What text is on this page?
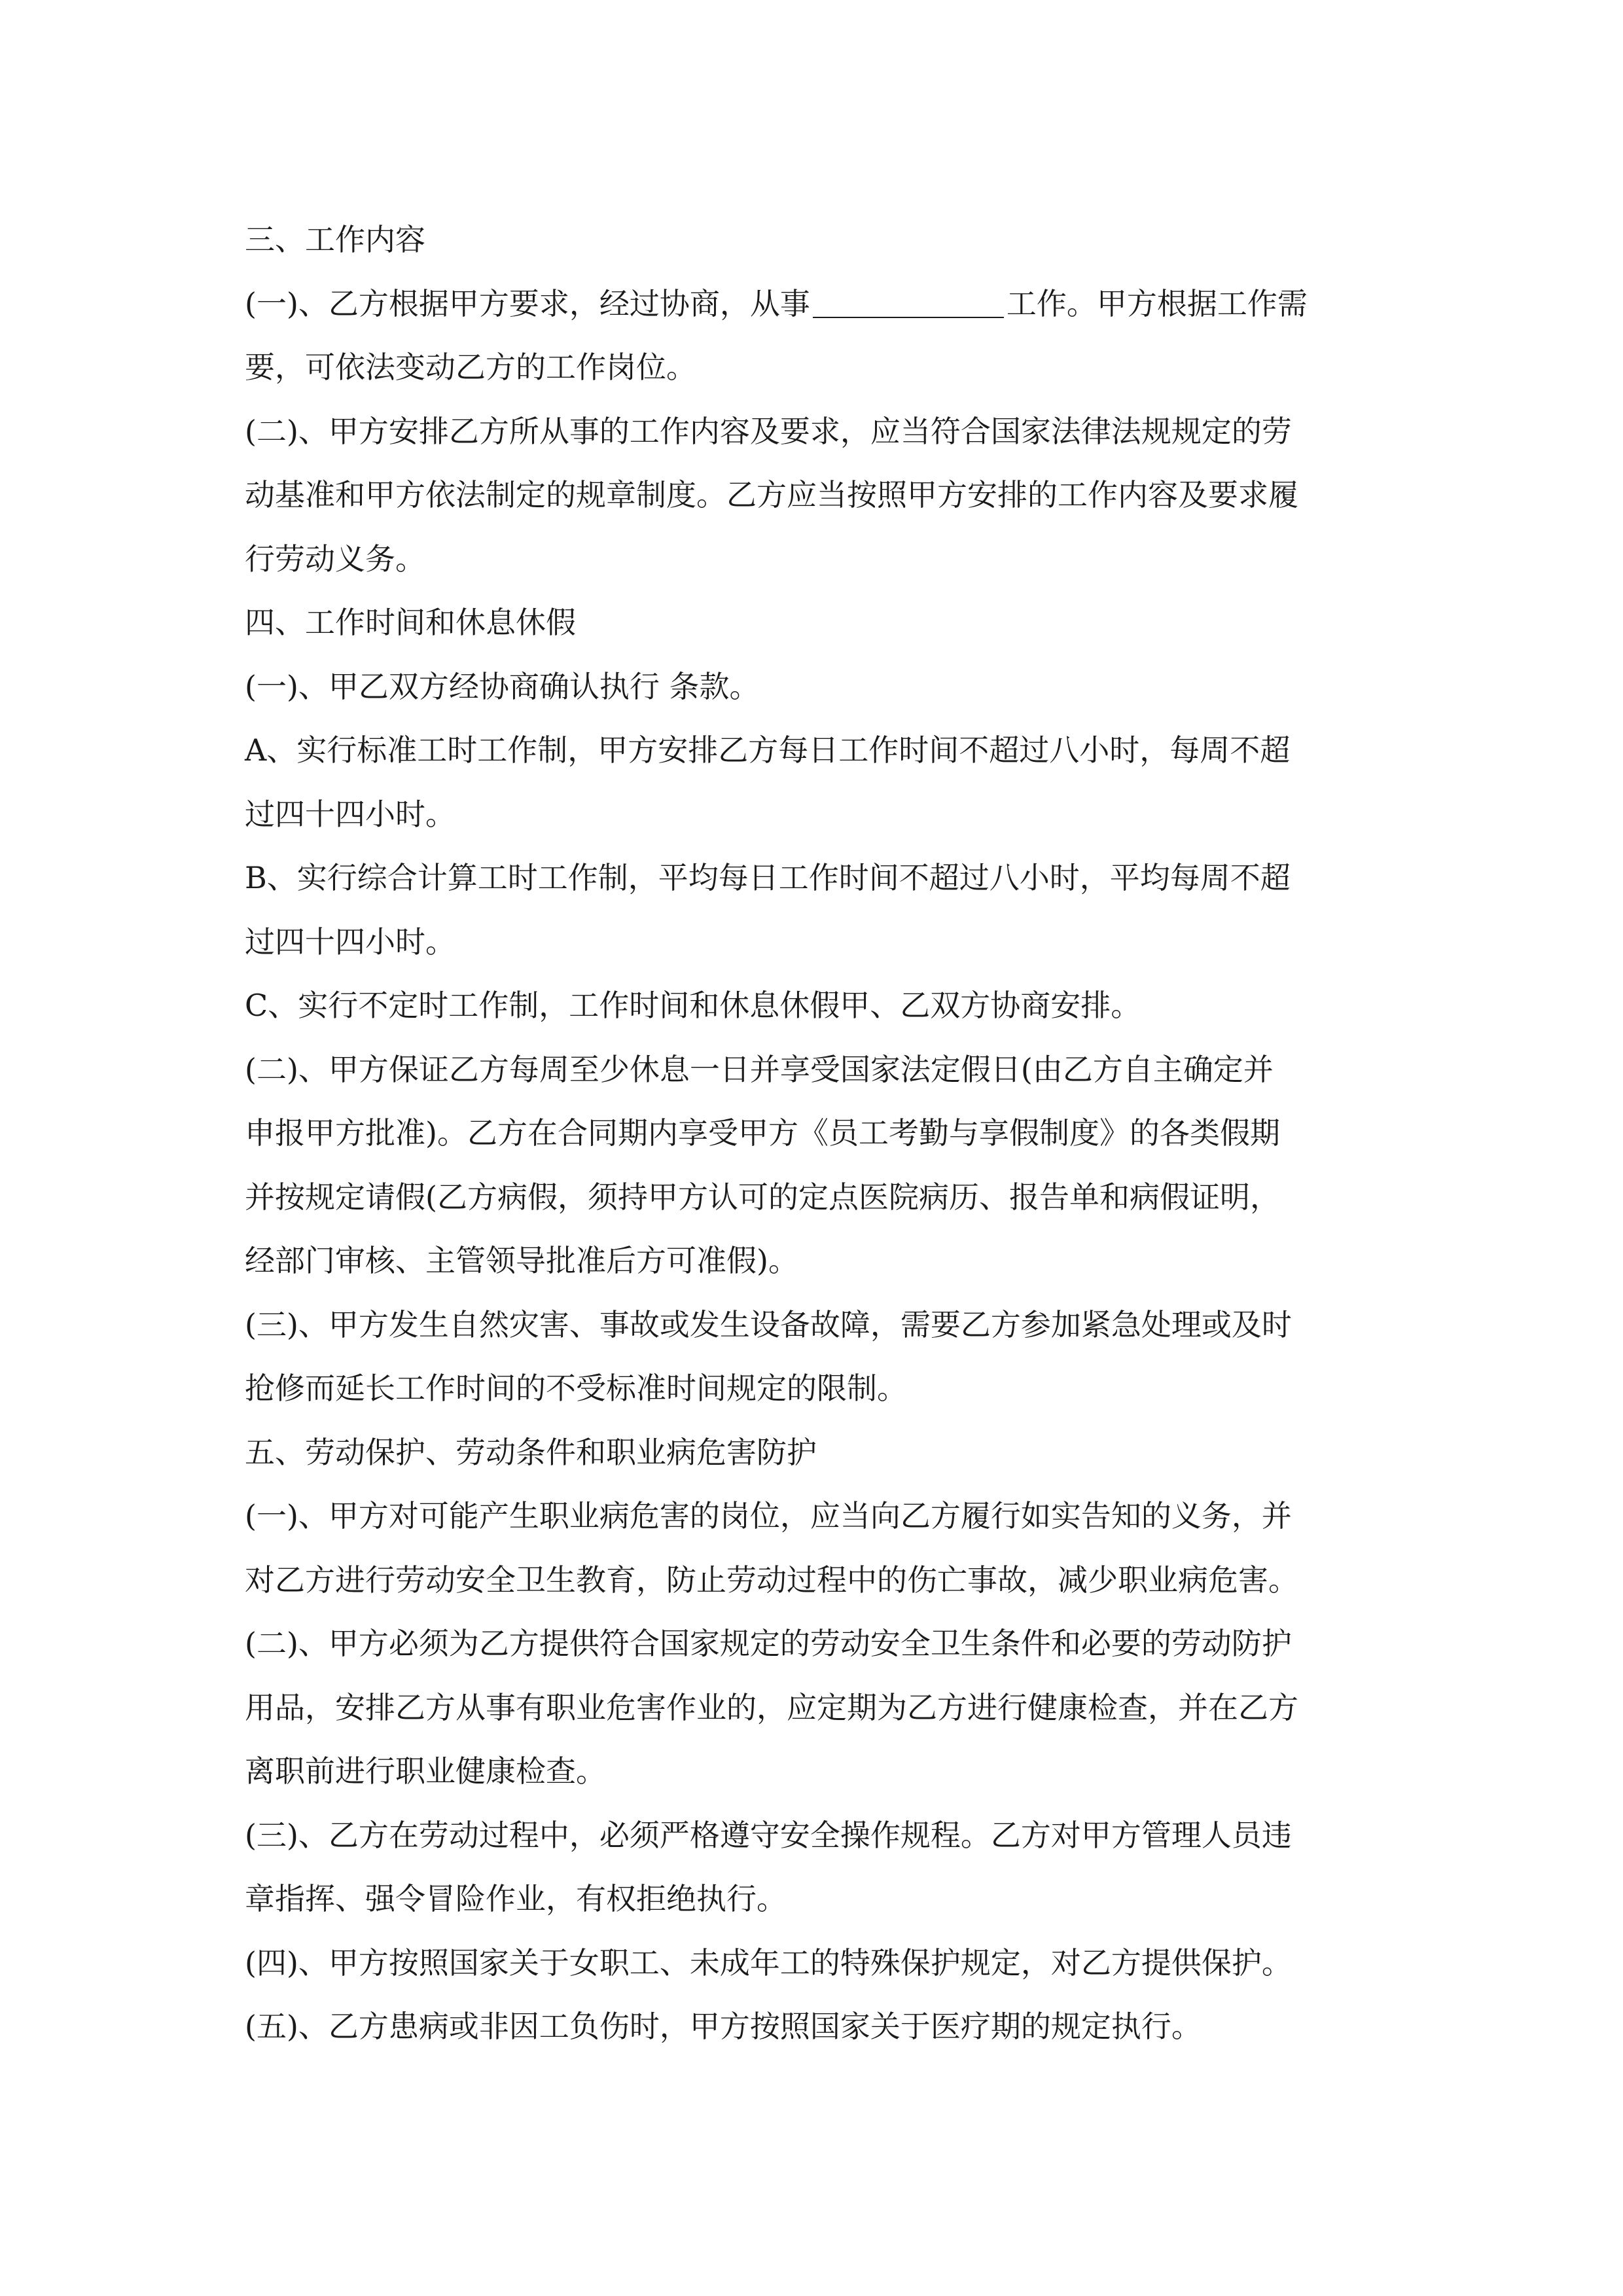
三、工作内容
(一)、乙方根据甲方要求，经过协商，从事	工作。甲方根据工作需
要，可依法变动乙方的工作岗位。
(二)、甲方安排乙方所从事的工作内容及要求，应当符合国家法律法规规定的劳
动基准和甲方依法制定的规章制度。乙方应当按照甲方安排的工作内容及要求履
行劳动义务。
四、工作时间和休息休假
(一)、甲乙双方经协商确认执行 条款。
A、实行标准工时工作制，甲方安排乙方每日工作时间不超过八小时，每周不超
过四十四小时。
B、实行综合计算工时工作制，平均每日工作时间不超过八小时，平均每周不超
过四十四小时。
C、实行不定时工作制，工作时间和休息休假甲、乙双方协商安排。
(二)、甲方保证乙方每周至少休息一日并享受国家法定假日(由乙方自主确定并
申报甲方批准)。乙方在合同期内享受甲方《员工考勤与享假制度》的各类假期
并按规定请假(乙方病假，须持甲方认可的定点医院病历、报告单和病假证明，
经部门审核、主管领导批准后方可准假)。
(三)、甲方发生自然灾害、事故或发生设备故障，需要乙方参加紧急处理或及时
抢修而延长工作时间的不受标准时间规定的限制。
五、劳动保护、劳动条件和职业病危害防护
(一)、甲方对可能产生职业病危害的岗位，应当向乙方履行如实告知的义务，并
对乙方进行劳动安全卫生教育，防止劳动过程中的伤亡事故，减少职业病危害。
(二)、甲方必须为乙方提供符合国家规定的劳动安全卫生条件和必要的劳动防护
用品，安排乙方从事有职业危害作业的，应定期为乙方进行健康检查，并在乙方
离职前进行职业健康检查。
(三)、乙方在劳动过程中，必须严格遵守安全操作规程。乙方对甲方管理人员违
章指挥、强令冒险作业，有权拒绝执行。
(四)、甲方按照国家关于女职工、未成年工的特殊保护规定，对乙方提供保护。
(五)、乙方患病或非因工负伤时，甲方按照国家关于医疗期的规定执行。
